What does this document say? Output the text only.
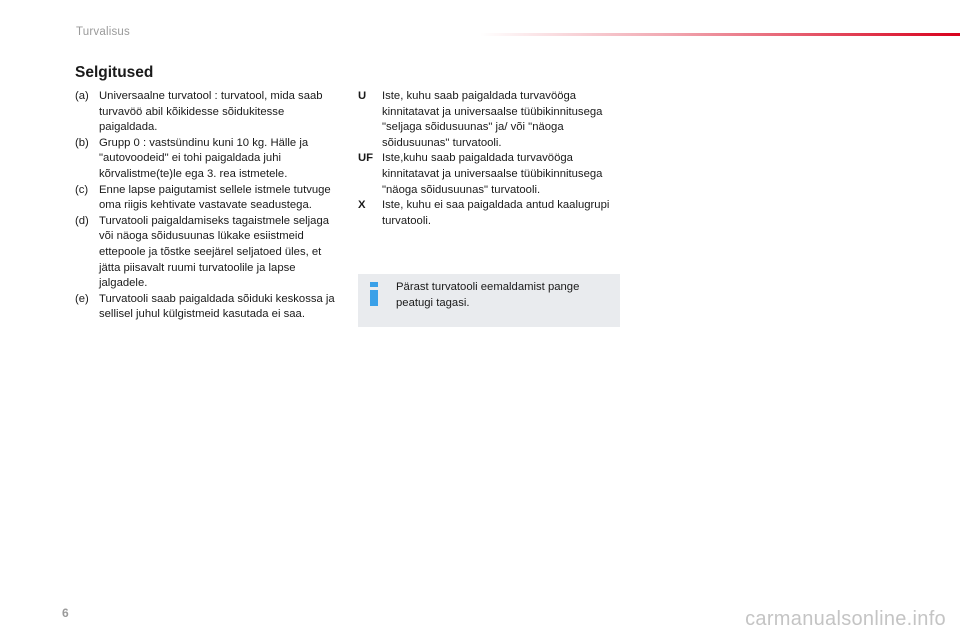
Turvalisus
Selgitused
(a) Universaalne turvatool : turvatool, mida saab turvavöö abil kõikidesse sõidukitesse paigaldada.
(b) Grupp 0 : vastsündinu kuni 10 kg. Hälle ja "autovoodeid" ei tohi paigaldada juhi kõrvalistme(te)le ega 3. rea istmetele.
(c) Enne lapse paigutamist sellele istmele tutvuge oma riigis kehtivate vastavate seadustega.
(d) Turvatooli paigaldamiseks tagaistmele seljaga või näoga sõidusuunas lükake esiistmeid ettepoole ja tõstke seejärel seljatoed üles, et jätta piisavalt ruumi turvatoolile ja lapse jalgadele.
(e) Turvatooli saab paigaldada sõiduki keskossa ja sellisel juhul külgistmeid kasutada ei saa.
U	Iste, kuhu saab paigaldada turvavööga kinnitatavat ja universaalse tüübikinnitusega "seljaga sõidusuunas" ja/ või "näoga sõidusuunas" turvatooli.
UF Iste,kuhu saab paigaldada turvavööga kinnitatavat ja universaalse tüübikinnitusega "näoga sõidusuunas" turvatooli.
X	Iste, kuhu ei saa paigaldada antud kaalugrupi turvatooli.
Pärast turvatooli eemaldamist pange peatugi tagasi.
6	carmanualsonline.info
